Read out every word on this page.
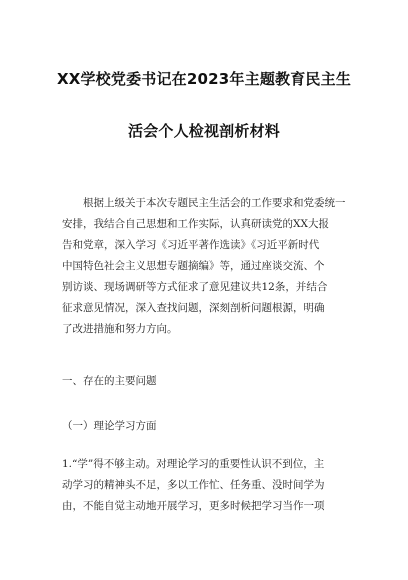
XX学校党委书记在2023年主题教育民主生
活会个人检视剖析材料
根据上级关于本次专题民主生活会的工作要求和党委统一
安排，我结合自己思想和工作实际，认真研读党的XX大报
告和党章，深入学习《习近平著作选读》《习近平新时代
中国特色社会主义思想专题摘编》等，通过座谈交流、个
别访谈、现场调研等方式征求了意见建议共12条，并结合
征求意见情况，深入查找问题，深刻剖析问题根源，明确
了改进措施和努力方向。
一、存在的主要问题
（一）理论学习方面
1.“学”得不够主动。对理论学习的重要性认识不到位，主
动学习的精神头不足，多以工作忙、任务重、没时间学为
由，不能自觉主动地开展学习，更多时候把学习当作一项
